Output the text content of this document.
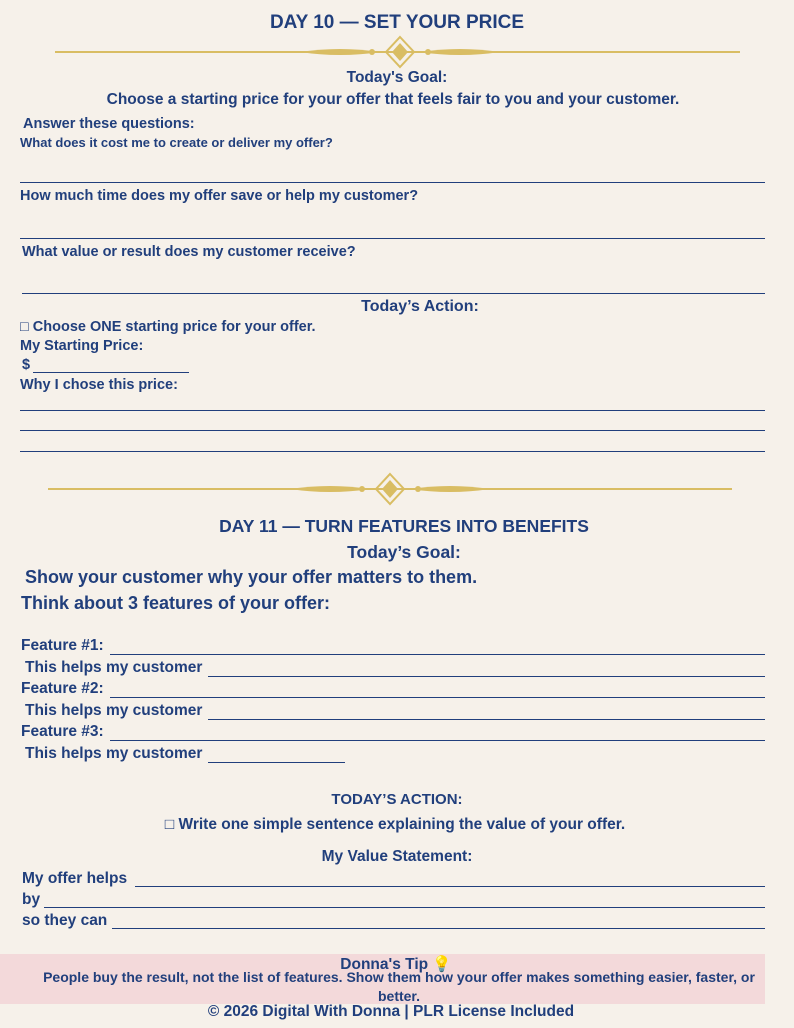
DAY 10 — SET YOUR PRICE
Today's Goal:
Choose a starting price for your offer that feels fair to you and your customer.
Answer these questions:
What does it cost me to create or deliver my offer?
How much time does my offer save or help my customer?
What value or result does my customer receive?
Today’s Action:
□ Choose ONE starting price for your offer.
My Starting Price:
$
Why I chose this price:
DAY 11 — TURN FEATURES INTO BENEFITS
Today’s Goal:
Show your customer why your offer matters to them.
Think about 3 features of your offer:
Feature #1:
This helps my customer
Feature #2:
This helps my customer
Feature #3:
This helps my customer
TODAY’S ACTION:
□ Write one simple sentence explaining the value of your offer.
My Value Statement:
My offer helps
by
so they can
Donna's Tip 💡
People buy the result, not the list of features. Show them how your offer makes something easier, faster, or
better.
© 2026 Digital With Donna | PLR License Included
